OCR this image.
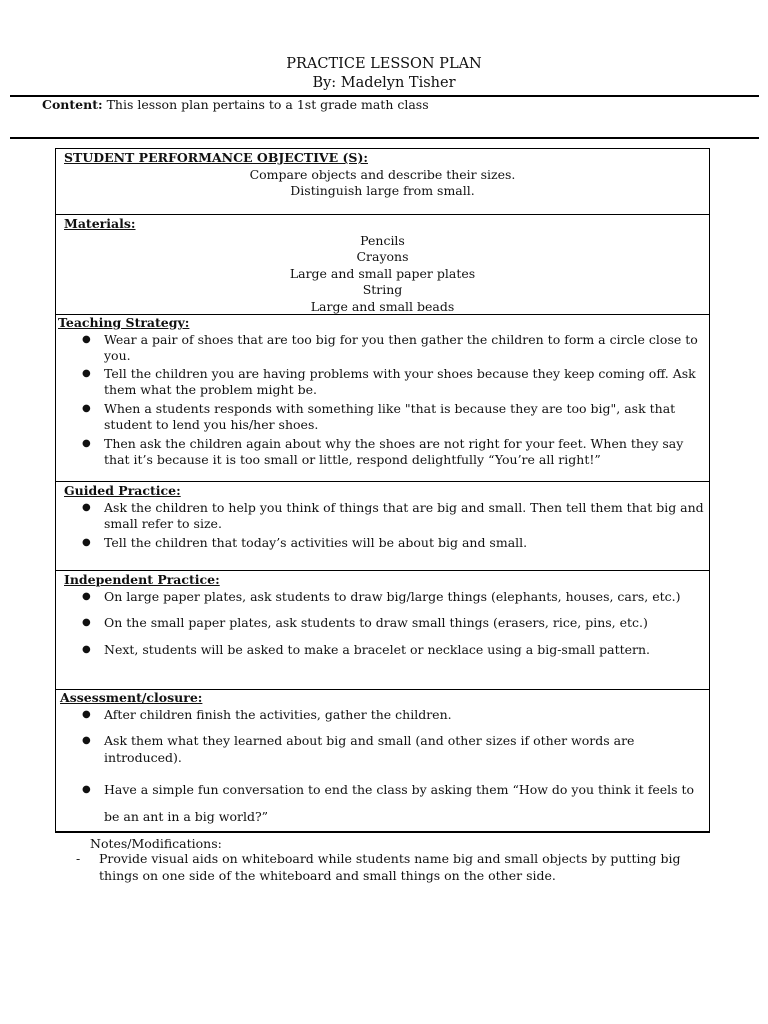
PRACTICE LESSON PLAN
By: Madelyn Tisher
Content: This lesson plan pertains to a 1st grade math class
STUDENT PERFORMANCE OBJECTIVE (S):
Compare objects and describe their sizes.
Distinguish large from small.
Materials:
Pencils
Crayons
Large and small paper plates
String
Large and small beads
Teaching Strategy:
● Wear a pair of shoes that are too big for you then gather the children to form a circle close to you.
● Tell the children you are having problems with your shoes because they keep coming off. Ask them what the problem might be.
● When a students responds with something like "that is because they are too big", ask that student to lend you his/her shoes.
● Then ask the children again about why the shoes are not right for your feet. When they say that it’s because it is too small or little, respond delightfully “You’re all right!”
Guided Practice:
● Ask the children to help you think of things that are big and small. Then tell them that big and small refer to size.
● Tell the children that today’s activities will be about big and small.
Independent Practice:
● On large paper plates, ask students to draw big/large things (elephants, houses, cars, etc.)
● On the small paper plates, ask students to draw small things (erasers, rice, pins, etc.)
● Next, students will be asked to make a bracelet or necklace using a big-small pattern.
Assessment/closure:
● After children finish the activities, gather the children.
● Ask them what they learned about big and small (and other sizes if other words are introduced).
● Have a simple fun conversation to end the class by asking them “How do you think it feels to be an ant in a big world?”
Notes/Modifications:
-	Provide visual aids on whiteboard while students name big and small objects by putting big things on one side of the whiteboard and small things on the other side.
